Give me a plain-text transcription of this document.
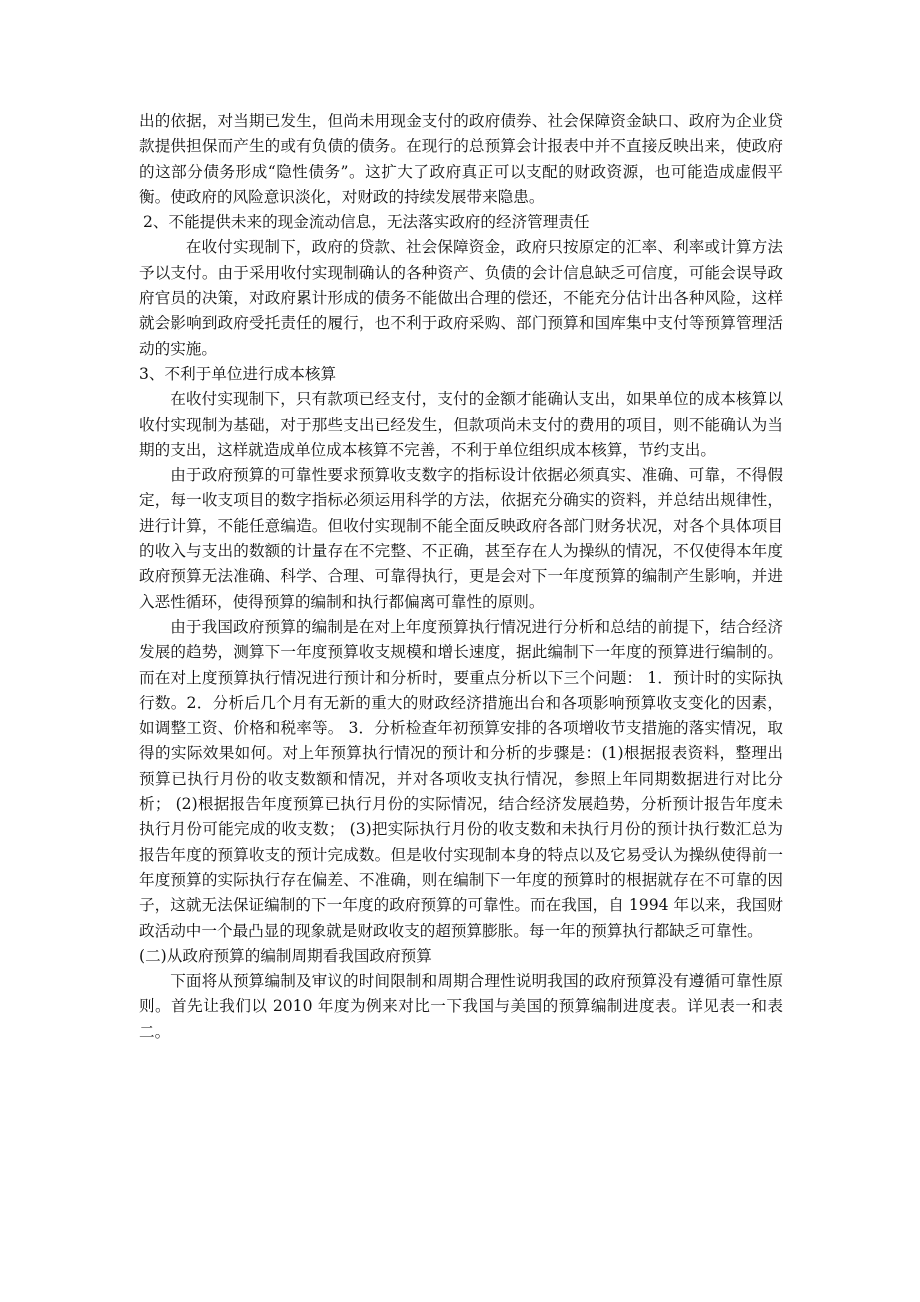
出的依据，对当期已发生，但尚未用现金支付的政府债券、社会保障资金缺口、政府为企业贷款提供担保而产生的或有负债的债务。在现行的总预算会计报表中并不直接反映出来，使政府的这部分债务形成“隐性债务”。这扩大了政府真正可以支配的财政资源，也可能造成虚假平衡。使政府的风险意识淡化，对财政的持续发展带来隐患。

2、不能提供未来的现金流动信息，无法落实政府的经济管理责任

在收付实现制下，政府的贷款、社会保障资金，政府只按原定的汇率、利率或计算方法予以支付。由于采用收付实现制确认的各种资产、负债的会计信息缺乏可信度，可能会误导政府官员的决策，对政府累计形成的债务不能做出合理的偿还，不能充分估计出各种风险，这样就会影响到政府受托责任的履行，也不利于政府采购、部门预算和国库集中支付等预算管理活动的实施。

3、不利于单位进行成本核算

在收付实现制下，只有款项已经支付，支付的金额才能确认支出，如果单位的成本核算以收付实现制为基础，对于那些支出已经发生，但款项尚未支付的费用的项目，则不能确认为当期的支出，这样就造成单位成本核算不完善，不利于单位组织成本核算，节约支出。

由于政府预算的可靠性要求预算收支数字的指标设计依据必须真实、准确、可靠，不得假定，每一收支项目的数字指标必须运用科学的方法，依据充分确实的资料，并总结出规律性，进行计算，不能任意编造。但收付实现制不能全面反映政府各部门财务状况，对各个具体项目的收入与支出的数额的计量存在不完整、不正确，甚至存在人为操纵的情况，不仅使得本年度政府预算无法准确、科学、合理、可靠得执行，更是会对下一年度预算的编制产生影响，并进入恶性循环，使得预算的编制和执行都偏离可靠性的原则。

由于我国政府预算的编制是在对上年度预算执行情况进行分析和总结的前提下，结合经济发展的趋势，测算下一年度预算收支规模和增长速度，据此编制下一年度的预算进行编制的。而在对上度预算执行情况进行预计和分析时，要重点分析以下三个问题： 1．预计时的实际执行数。2．分析后几个月有无新的重大的财政经济措施出台和各项影响预算收支变化的因素，如调整工资、价格和税率等。 3．分析检查年初预算安排的各项增收节支措施的落实情况，取得的实际效果如何。对上年预算执行情况的预计和分析的步骤是：(1)根据报表资料，整理出预算已执行月份的收支数额和情况，并对各项收支执行情况，参照上年同期数据进行对比分析； (2)根据报告年度预算已执行月份的实际情况，结合经济发展趋势，分析预计报告年度未执行月份可能完成的收支数； (3)把实际执行月份的收支数和未执行月份的预计执行数汇总为报告年度的预算收支的预计完成数。但是收付实现制本身的特点以及它易受认为操纵使得前一年度预算的实际执行存在偏差、不准确，则在编制下一年度的预算时的根据就存在不可靠的因子，这就无法保证编制的下一年度的政府预算的可靠性。而在我国，自 1994 年以来，我国财政活动中一个最凸显的现象就是财政收支的超预算膨胀。每一年的预算执行都缺乏可靠性。

(二)从政府预算的编制周期看我国政府预算

下面将从预算编制及审议的时间限制和周期合理性说明我国的政府预算没有遵循可靠性原则。首先让我们以 2010 年度为例来对比一下我国与美国的预算编制进度表。详见表一和表二。
